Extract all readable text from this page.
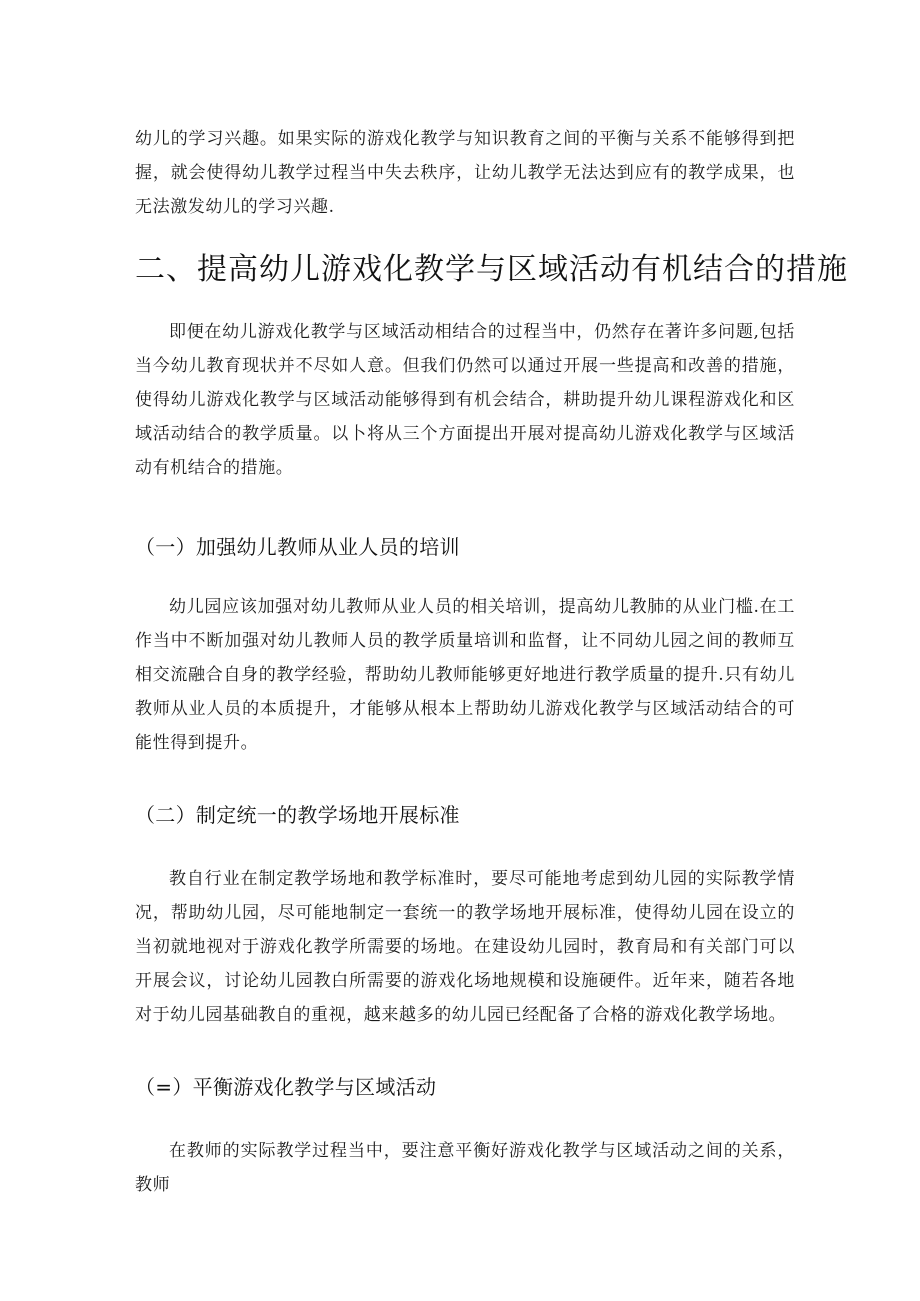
幼儿的学习兴趣。如果实际的游戏化教学与知识教育之间的平衡与关系不能够得到把握，就会使得幼儿教学过程当中失去秩序，让幼儿教学无法达到应有的教学成果，也无法激发幼儿的学习兴趣.

二、提高幼儿游戏化教学与区域活动有机结合的措施

即便在幼儿游戏化教学与区域活动相结合的过程当中，仍然存在著许多问题,包括当今幼儿教育现状并不尽如人意。但我们仍然可以通过开展一些提高和改善的措施，使得幼儿游戏化教学与区域活动能够得到有机会结合，耕助提升幼儿课程游戏化和区域活动结合的教学质量。以卜将从三个方面提出开展对提高幼儿游戏化教学与区域活动有机结合的措施。

（一）加强幼儿教师从业人员的培训

幼儿园应该加强对幼儿教师从业人员的相关培训，提高幼儿教肺的从业门槛.在工作当中不断加强对幼儿教师人员的教学质量培训和监督，让不同幼儿园之间的教师互相交流融合自身的教学经验，帮助幼儿教师能够更好地进行教学质量的提升.只有幼儿教师从业人员的本质提升，才能够从根本上帮助幼儿游戏化教学与区域活动结合的可能性得到提升。

（二）制定统一的教学场地开展标准

教自行业在制定教学场地和教学标准时，要尽可能地考虑到幼儿园的实际教学情况，帮助幼儿园，尽可能地制定一套统一的教学场地开展标准，使得幼儿园在设立的当初就地视对于游戏化教学所需要的场地。在建设幼儿园时，教育局和有关部门可以开展会议，讨论幼儿园教白所需要的游戏化场地规模和设施硬件。近年来，随若各地对于幼儿园基础教自的重视，越来越多的幼儿园已经配备了合格的游戏化教学场地。

（=）平衡游戏化教学与区域活动

在教师的实际教学过程当中，要注意平衡好游戏化教学与区域活动之间的关系，教师
